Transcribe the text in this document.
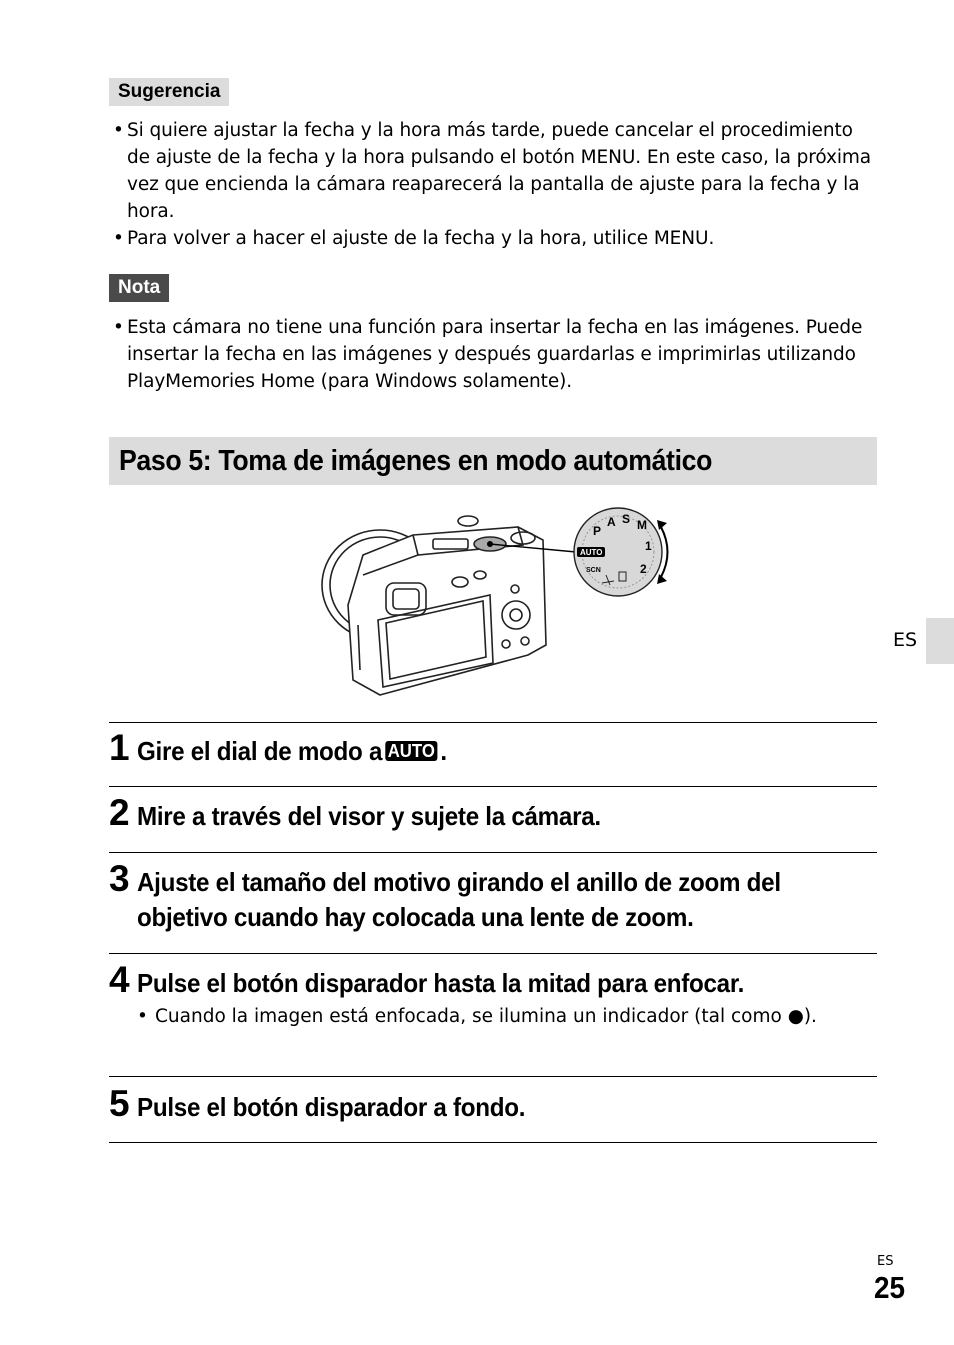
Sugerencia
• Si quiere ajustar la fecha y la hora más tarde, puede cancelar el procedimiento de ajuste de la fecha y la hora pulsando el botón MENU. En este caso, la próxima vez que encienda la cámara reaparecerá la pantalla de ajuste para la fecha y la hora.
• Para volver a hacer el ajuste de la fecha y la hora, utilice MENU.
Nota
• Esta cámara no tiene una función para insertar la fecha en las imágenes. Puede insertar la fecha en las imágenes y después guardarlas e imprimirlas utilizando PlayMemories Home (para Windows solamente).
Paso 5: Toma de imágenes en modo automático
P
A S M
1
2
SCN
AUTO
ES
1 Gire el dial de modo a AUTO .

2 Mire a través del visor y sujete la cámara.

3 Ajuste el tamaño del motivo girando el anillo de zoom del objetivo cuando hay colocada una lente de zoom.

4 Pulse el botón disparador hasta la mitad para enfocar.

• Cuando la imagen está enfocada, se ilumina un indicador (tal como ●).

5 Pulse el botón disparador a fondo.

ES
25
